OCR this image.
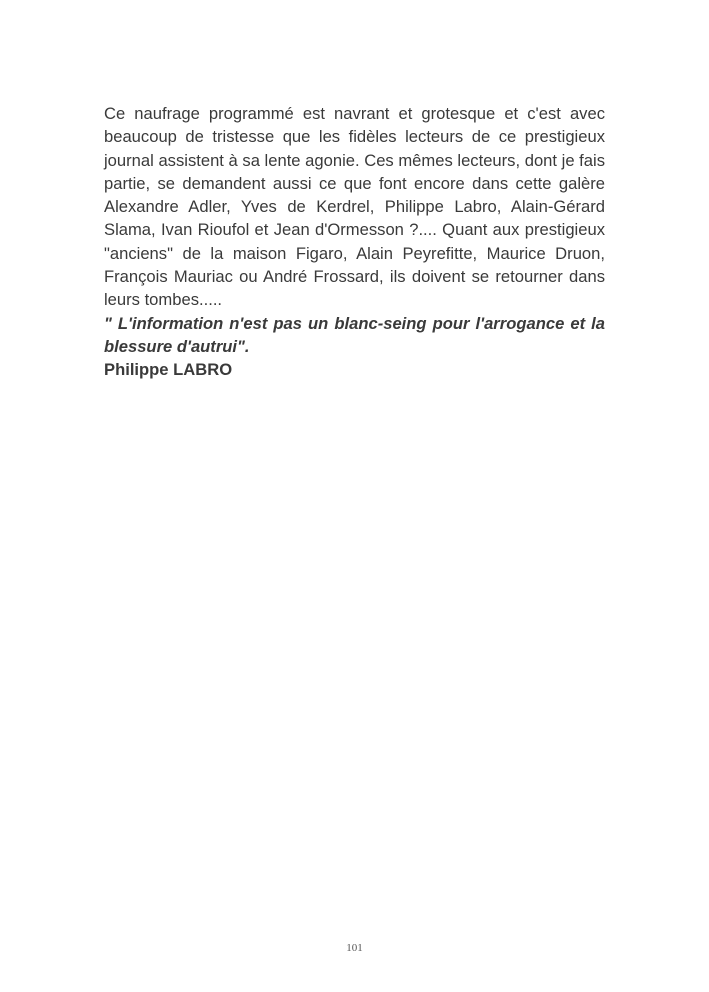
Ce naufrage programmé est navrant et grotesque et c'est avec beaucoup de tristesse que les fidèles lecteurs de ce prestigieux journal assistent à sa lente agonie. Ces mêmes lecteurs, dont je fais partie, se demandent aussi ce que font encore dans cette galère Alexandre Adler, Yves de Kerdrel, Philippe Labro, Alain-Gérard Slama, Ivan Rioufol et Jean d'Ormesson ?.... Quant aux prestigieux "anciens" de la maison Figaro, Alain Peyrefitte, Maurice Druon, François Mauriac ou André Frossard, ils doivent se retourner dans leurs tombes.....

" L'information n'est pas un blanc-seing pour l'arrogance et la blessure d'autrui".

Philippe LABRO

101
